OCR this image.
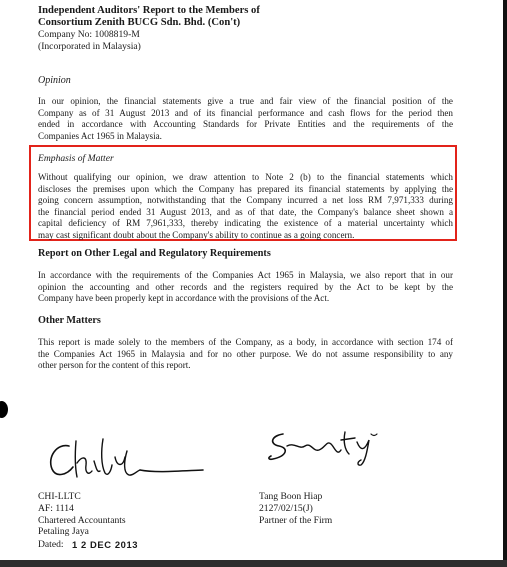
Independent Auditors' Report to the Members of
Consortium Zenith BUCG Sdn. Bhd. (Con't)
Company No: 1008819-M
(Incorporated in Malaysia)
Opinion
In our opinion, the financial statements give a true and fair view of the financial position of the
Company as of 31 August 2013 and of its financial performance and cash flows for the period then
ended in accordance with Accounting Standards for Private Entities and the requirements of the
Companies Act 1965 in Malaysia.
Emphasis of Matter
Without qualifying our opinion, we draw attention to Note 2 (b) to the financial statements which
discloses the premises upon which the Company has prepared its financial statements by applying the
going concern assumption, notwithstanding that the Company incurred a net loss RM 7,971,333 during
the financial period ended 31 August 2013, and as of that date, the Company's balance sheet shown a
capital deficiency of RM 7,961,333, thereby indicating the existence of a material uncertainty which
may cast significant doubt about the Company's ability to continue as a going concern.
Report on Other Legal and Regulatory Requirements
In accordance with the requirements of the Companies Act 1965 in Malaysia, we also report that in our
opinion the accounting and other records and the registers required by the Act to be kept by the
Company have been properly kept in accordance with the provisions of the Act.
Other Matters
This report is made solely to the members of the Company, as a body, in accordance with section 174 of
the Companies Act 1965 in Malaysia and for no other purpose. We do not assume responsibility to any
other person for the content of this report.
CHI-LLTC
AF: 1114
Chartered Accountants
Tang Boon Hiap
2127/02/15(J)
Partner of the Firm
Petaling Jaya
Dated: 1 2 DEC 2013
